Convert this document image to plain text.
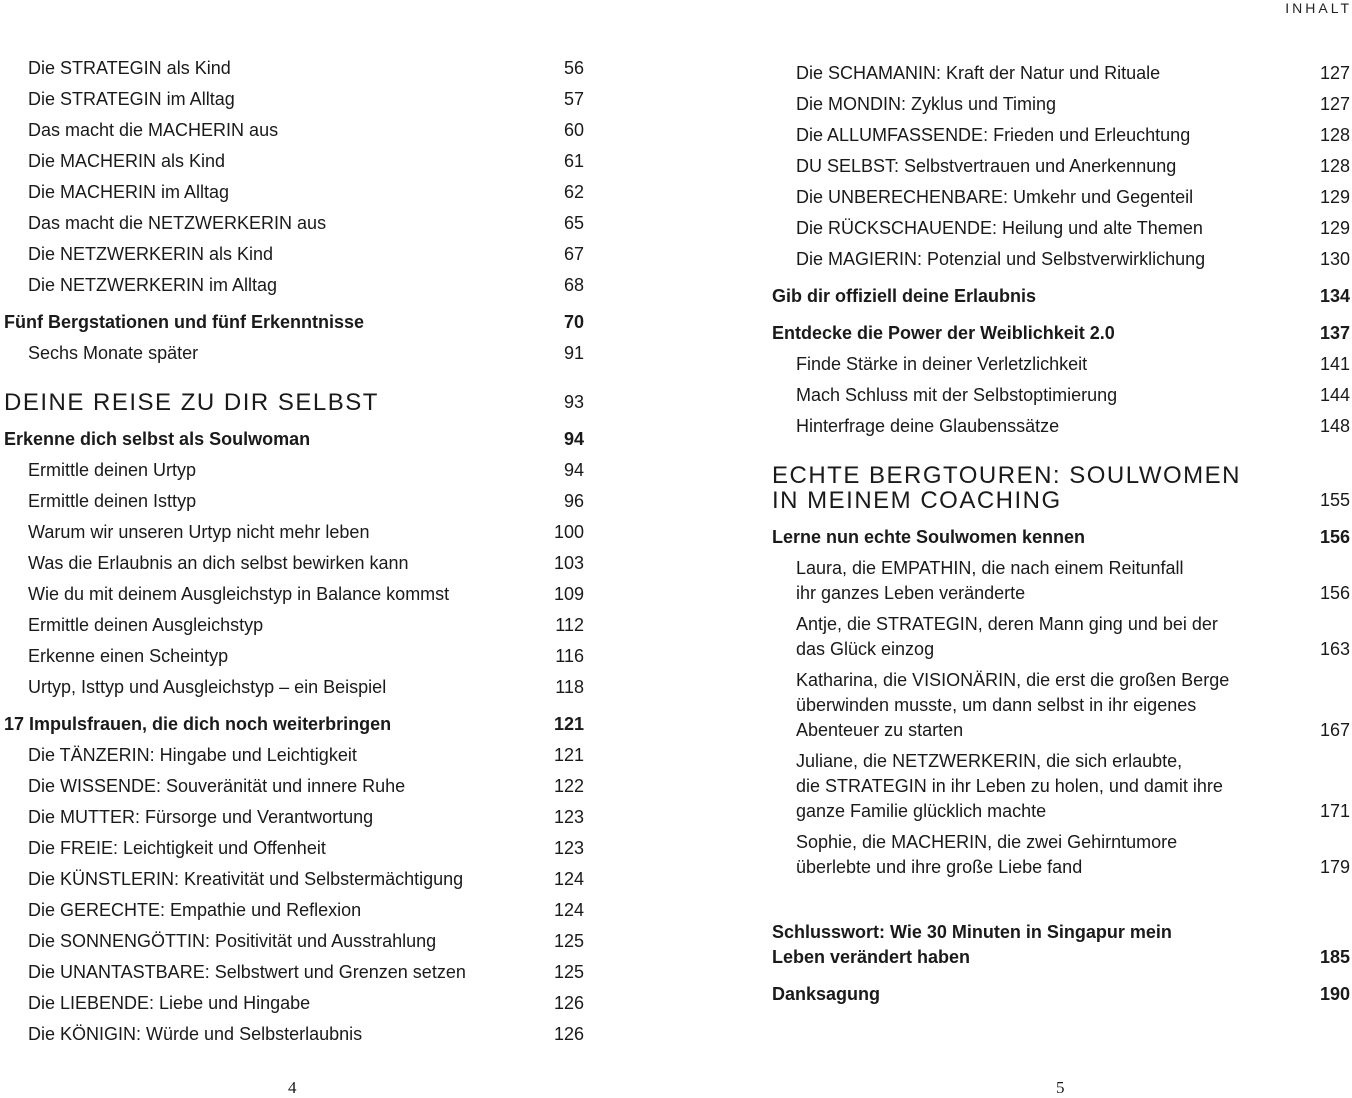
INHALT
Die STRATEGIN als Kind	56
Die STRATEGIN im Alltag	57
Das macht die MACHERIN aus	60
Die MACHERIN als Kind	61
Die MACHERIN im Alltag	62
Das macht die NETZWERKERIN aus	65
Die NETZWERKERIN als Kind	67
Die NETZWERKERIN im Alltag	68
Fünf Bergstationen und fünf Erkenntnisse	70
Sechs Monate später	91
DEINE REISE ZU DIR SELBST	93
Erkenne dich selbst als Soulwoman	94
Ermittle deinen Urtyp	94
Ermittle deinen Isttyp	96
Warum wir unseren Urtyp nicht mehr leben	100
Was die Erlaubnis an dich selbst bewirken kann	103
Wie du mit deinem Ausgleichstyp in Balance kommst	109
Ermittle deinen Ausgleichstyp	112
Erkenne einen Scheintyp	116
Urtyp, Isttyp und Ausgleichstyp – ein Beispiel	118
17 Impulsfrauen, die dich noch weiterbringen	121
Die TÄNZERIN: Hingabe und Leichtigkeit	121
Die WISSENDE: Souveränität und innere Ruhe	122
Die MUTTER: Fürsorge und Verantwortung	123
Die FREIE: Leichtigkeit und Offenheit	123
Die KÜNSTLERIN: Kreativität und Selbstermächtigung	124
Die GERECHTE: Empathie und Reflexion	124
Die SONNENGÖTTIN: Positivität und Ausstrahlung	125
Die UNANTASTBARE: Selbstwert und Grenzen setzen	125
Die LIEBENDE: Liebe und Hingabe	126
Die KÖNIGIN: Würde und Selbsterlaubnis	126
Die SCHAMANIN: Kraft der Natur und Rituale	127
Die MONDIN: Zyklus und Timing	127
Die ALLUMFASSENDE: Frieden und Erleuchtung	128
DU SELBST: Selbstvertrauen und Anerkennung	128
Die UNBERECHENBARE: Umkehr und Gegenteil	129
Die RÜCKSCHAUENDE: Heilung und alte Themen	129
Die MAGIERIN: Potenzial und Selbstverwirklichung	130
Gib dir offiziell deine Erlaubnis	134
Entdecke die Power der Weiblichkeit 2.0	137
Finde Stärke in deiner Verletzlichkeit	141
Mach Schluss mit der Selbstoptimierung	144
Hinterfrage deine Glaubenssätze	148
ECHTE BERGTOUREN: SOULWOMEN
IN MEINEM COACHING	155
Lerne nun echte Soulwomen kennen	156
Laura, die EMPATHIN, die nach einem Reitunfall
ihr ganzes Leben veränderte	156
Antje, die STRATEGIN, deren Mann ging und bei der
das Glück einzog	163
Katharina, die VISIONÄRIN, die erst die großen Berge
überwinden musste, um dann selbst in ihr eigenes
Abenteuer zu starten	167
Juliane, die NETZWERKERIN, die sich erlaubte,
die STRATEGIN in ihr Leben zu holen, und damit ihre
ganze Familie glücklich machte	171
Sophie, die MACHERIN, die zwei Gehirntumore
überlebte und ihre große Liebe fand	179
Schlusswort: Wie 30 Minuten in Singapur mein
Leben verändert haben	185
Danksagung	190
4	5
